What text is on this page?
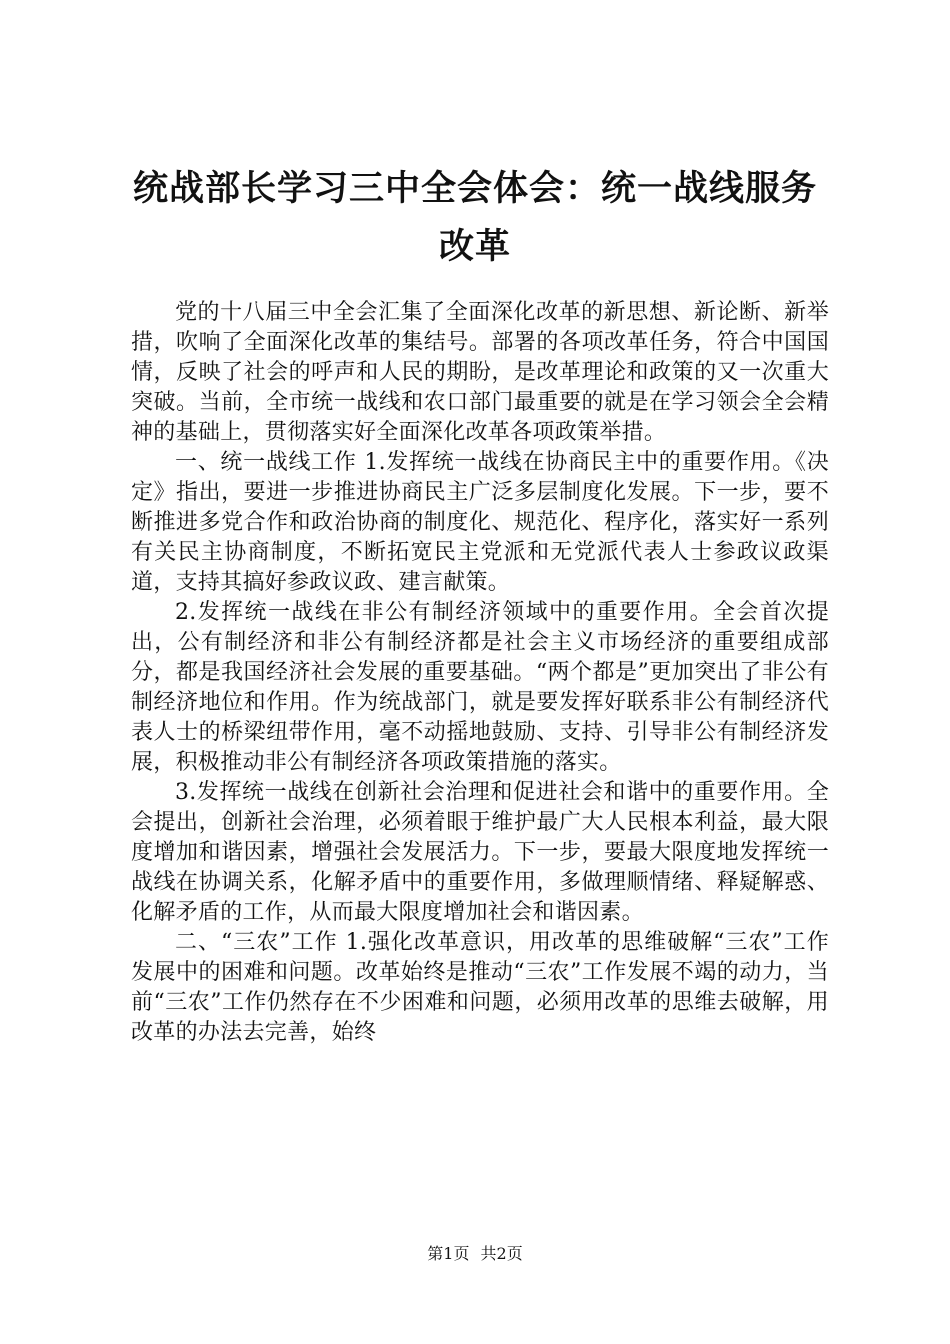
统战部长学习三中全会体会：统一战线服务改革

党的十八届三中全会汇集了全面深化改革的新思想、新论断、新举措，吹响了全面深化改革的集结号。部署的各项改革任务，符合中国国情，反映了社会的呼声和人民的期盼，是改革理论和政策的又一次重大突破。当前，全市统一战线和农口部门最重要的就是在学习领会全会精神的基础上，贯彻落实好全面深化改革各项政策举措。

一、统一战线工作 1.发挥统一战线在协商民主中的重要作用。《决定》指出，要进一步推进协商民主广泛多层制度化发展。下一步，要不断推进多党合作和政治协商的制度化、规范化、程序化，落实好一系列有关民主协商制度，不断拓宽民主党派和无党派代表人士参政议政渠道，支持其搞好参政议政、建言献策。

2.发挥统一战线在非公有制经济领域中的重要作用。全会首次提出，公有制经济和非公有制经济都是社会主义市场经济的重要组成部分，都是我国经济社会发展的重要基础。“两个都是”更加突出了非公有制经济地位和作用。作为统战部门，就是要发挥好联系非公有制经济代表人士的桥梁纽带作用，毫不动摇地鼓励、支持、引导非公有制经济发展，积极推动非公有制经济各项政策措施的落实。

3.发挥统一战线在创新社会治理和促进社会和谐中的重要作用。全会提出，创新社会治理，必须着眼于维护最广大人民根本利益，最大限度增加和谐因素，增强社会发展活力。下一步，要最大限度地发挥统一战线在协调关系，化解矛盾中的重要作用，多做理顺情绪、释疑解惑、化解矛盾的工作，从而最大限度增加社会和谐因素。

二、“三农”工作 1.强化改革意识，用改革的思维破解“三农”工作发展中的困难和问题。改革始终是推动“三农”工作发展不竭的动力，当前“三农”工作仍然存在不少困难和问题，必须用改革的思维去破解，用改革的办法去完善，始终

第1页 共2页
